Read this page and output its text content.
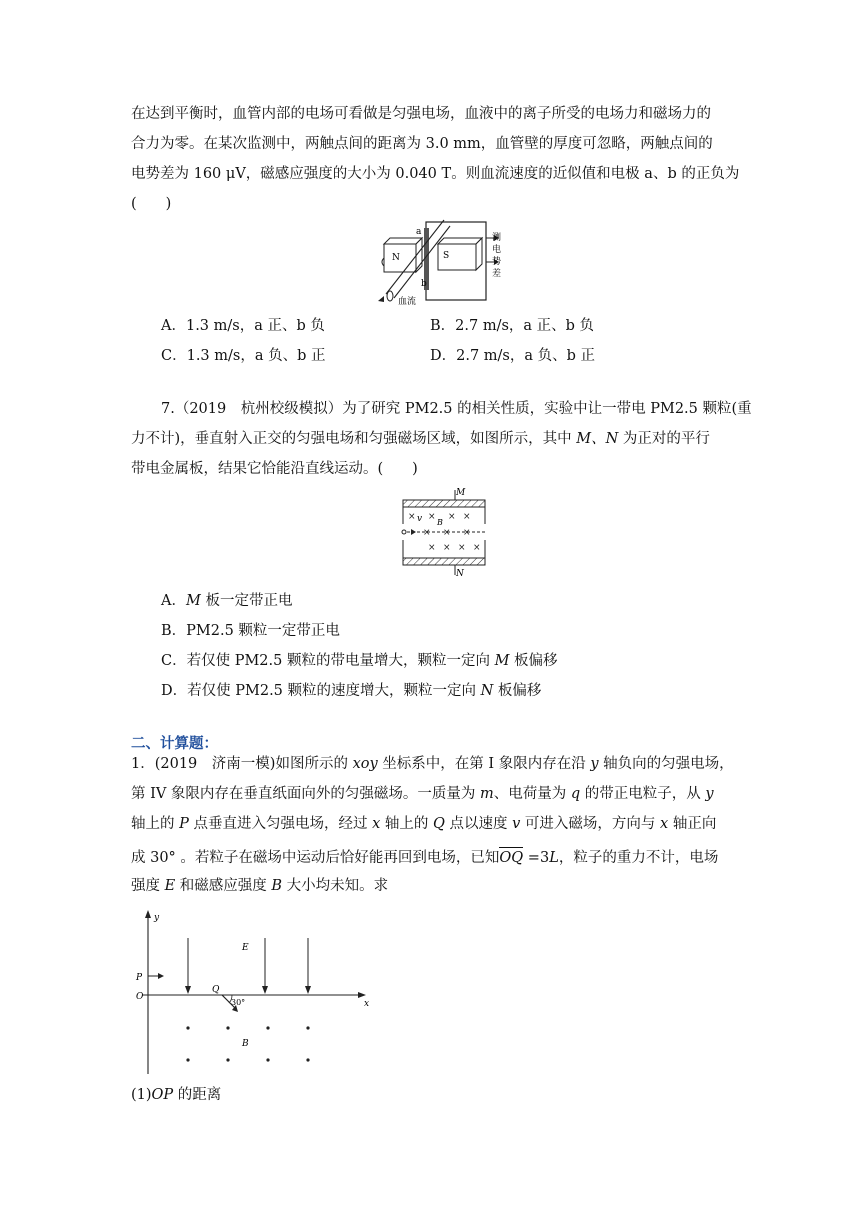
在达到平衡时，血管内部的电场可看做是匀强电场，血液中的离子所受的电场力和磁场力的
合力为零。在某次监测中，两触点间的距离为 3.0 mm，血管壁的厚度可忽略，两触点间的
电势差为 160 μV，磁感应强度的大小为 0.040 T。则血流速度的近似值和电极 a、b 的正负为
(　　)
N	S
a
b
血流
测
电
势
差
A．1.3 m/s，a 正、b 负	B．2.7 m/s，a 正、b 负
C．1.3 m/s，a 负、b 正	D．2.7 m/s，a 负、b 正
7.（2019　杭州校级模拟）为了研究 PM2.5 的相关性质，实验中让一带电 PM2.5 颗粒(重
力不计)，垂直射入正交的匀强电场和匀强磁场区域，如图所示，其中 M、N 为正对的平行
带电金属板，结果它恰能沿直线运动。(　　)
M
N
v B
× × × ×
× × ×
× × × ×
A．M 板一定带正电
B．PM2.5 颗粒一定带正电
C．若仅使 PM2.5 颗粒的带电量增大，颗粒一定向 M 板偏移
D．若仅使 PM2.5 颗粒的速度增大，颗粒一定向 N 板偏移
二、计算题：
1．(2019　济南一模)如图所示的 xoy 坐标系中，在第 I 象限内存在沿 y 轴负向的匀强电场，
第 IV 象限内存在垂直纸面向外的匀强磁场。一质量为 m、电荷量为 q 的带正电粒子，从 y
轴上的 P 点垂直进入匀强电场，经过 x 轴上的 Q 点以速度 v 可进入磁场，方向与 x 轴正向
成 30° 。若粒子在磁场中运动后恰好能再回到电场，已知OQ =3L，粒子的重力不计，电场
强度 E 和磁感应强度 B 大小均未知。求
y
x
P
O
Q
30°
E
B
(1)OP 的距离
